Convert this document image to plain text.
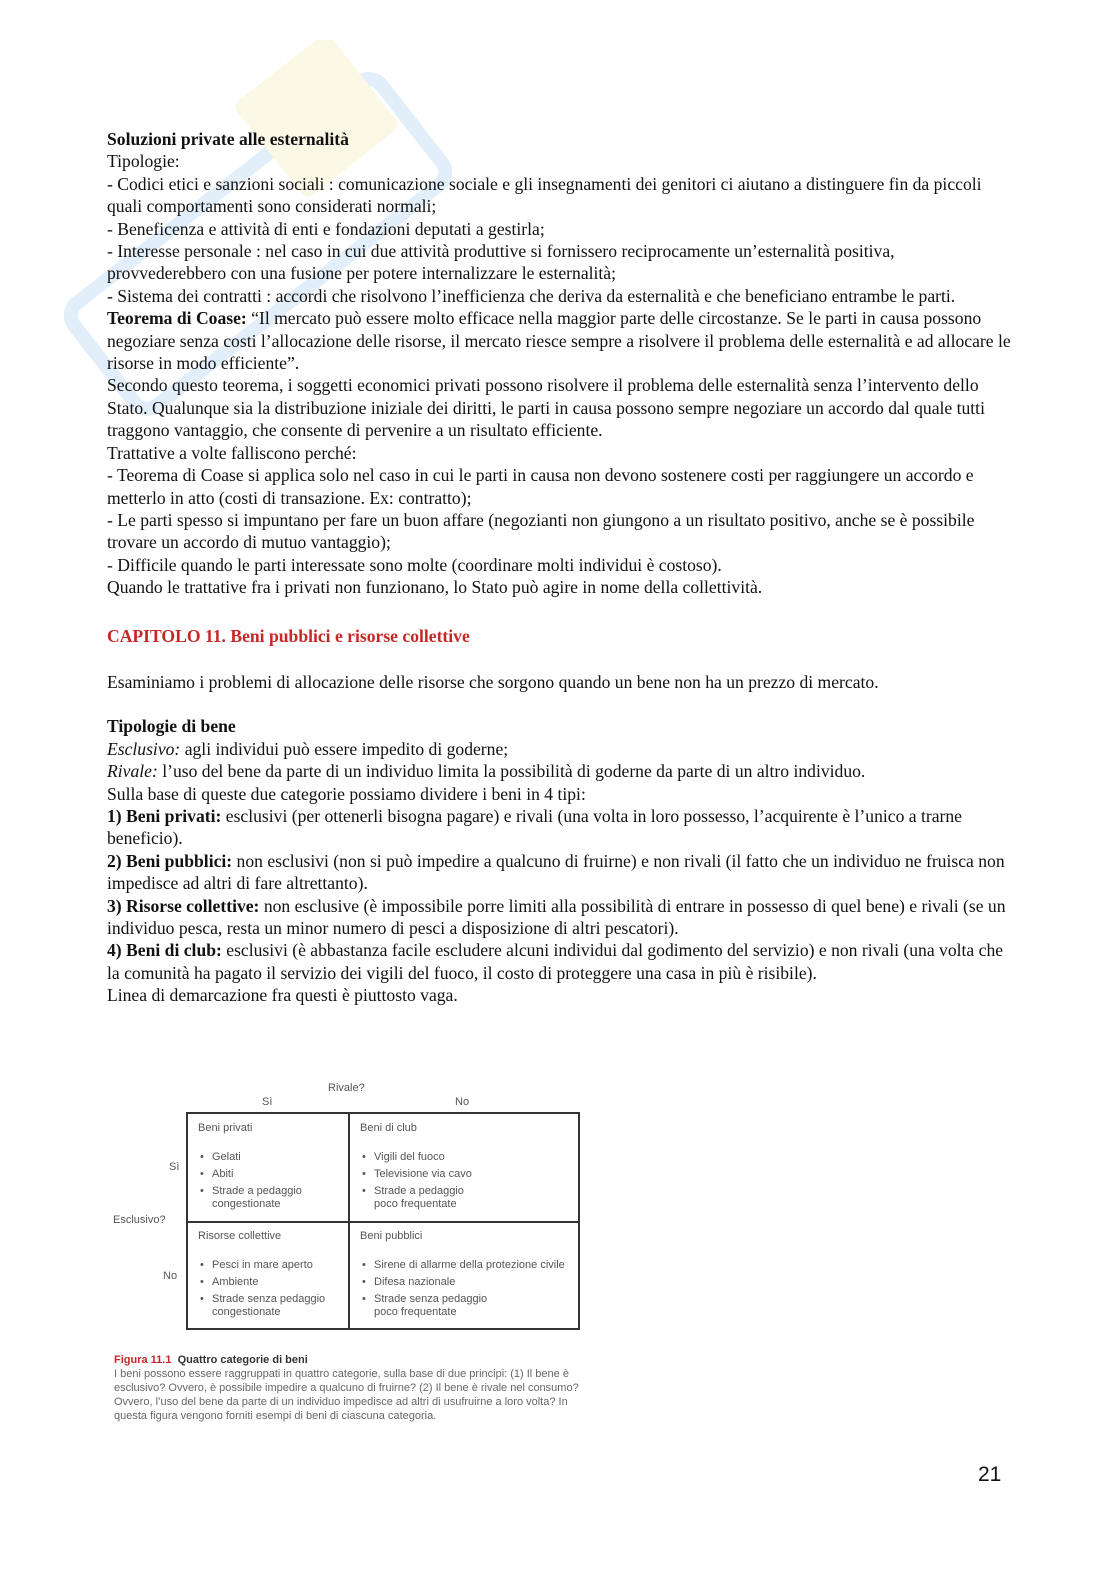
Soluzioni private alle esternalità

Tipologie:

- Codici etici e sanzioni sociali : comunicazione sociale e gli insegnamenti dei genitori ci aiutano a distinguere fin da piccoli quali comportamenti sono considerati normali;

- Beneficenza e attività di enti e fondazioni deputati a gestirla;

- Interesse personale : nel caso in cui due attività produttive si fornissero reciprocamente un’esternalità positiva, provvederebbero con una fusione per potere internalizzare le esternalità;

- Sistema dei contratti : accordi che risolvono l’inefficienza che deriva da esternalità e che beneficiano entrambe le parti.

Teorema di Coase: “Il mercato può essere molto efficace nella maggior parte delle circostanze. Se le parti in causa possono negoziare senza costi l’allocazione delle risorse, il mercato riesce sempre a risolvere il problema delle esternalità e ad allocare le risorse in modo efficiente”.

Secondo questo teorema, i soggetti economici privati possono risolvere il problema delle esternalità senza l’intervento dello Stato. Qualunque sia la distribuzione iniziale dei diritti, le parti in causa possono sempre negoziare un accordo dal quale tutti traggono vantaggio, che consente di pervenire a un risultato efficiente.

Trattative a volte falliscono perché:

- Teorema di Coase si applica solo nel caso in cui le parti in causa non devono sostenere costi per raggiungere un accordo e metterlo in atto (costi di transazione. Ex: contratto);

- Le parti spesso si impuntano per fare un buon affare (negozianti non giungono a un risultato positivo, anche se è possibile trovare un accordo di mutuo vantaggio);

- Difficile quando le parti interessate sono molte (coordinare molti individui è costoso).

Quando le trattative fra i privati non funzionano, lo Stato può agire in nome della collettività.

CAPITOLO 11. Beni pubblici e risorse collettive

Esaminiamo i problemi di allocazione delle risorse che sorgono quando un bene non ha un prezzo di mercato.

Tipologie di bene

Esclusivo: agli individui può essere impedito di goderne;

Rivale: l’uso del bene da parte di un individuo limita la possibilità di goderne da parte di un altro individuo.

Sulla base di queste due categorie possiamo dividere i beni in 4 tipi:

1) Beni privati: esclusivi (per ottenerli bisogna pagare) e rivali (una volta in loro possesso, l’acquirente è l’unico a trarne beneficio).

2) Beni pubblici: non esclusivi (non si può impedire a qualcuno di fruirne) e non rivali (il fatto che un individuo ne fruisca non impedisce ad altri di fare altrettanto).

3) Risorse collettive: non esclusive (è impossibile porre limiti alla possibilità di entrare in possesso di quel bene) e rivali (se un individuo pesca, resta un minor numero di pesci a disposizione di altri pescatori).

4) Beni di club: esclusivi (è abbastanza facile escludere alcuni individui dal godimento del servizio) e non rivali (una volta che la comunità ha pagato il servizio dei vigili del fuoco, il costo di proteggere una casa in più è risibile).

Linea di demarcazione fra questi è piuttosto vaga.

Rivale?
Sì	No
Esclusivo?
Sì
No
Beni privati
• Gelati
• Abiti
• Strade a pedaggio congestionate
Beni di club
• Vigili del fuoco
• Televisione via cavo
• Strade a pedaggio poco frequentate
Risorse collettive
• Pesci in mare aperto
• Ambiente
• Strade senza pedaggio congestionate
Beni pubblici
• Sirene di allarme della protezione civile
• Difesa nazionale
• Strade senza pedaggio poco frequentate
Figura 11.1 Quattro categorie di beni
I beni possono essere raggruppati in quattro categorie, sulla base di due principi: (1) Il bene è esclusivo? Ovvero, è possibile impedire a qualcuno di fruirne? (2) Il bene è rivale nel consumo? Ovvero, l’uso del bene da parte di un individuo impedisce ad altri di usufruirne a loro volta? In questa figura vengono forniti esempi di beni di ciascuna categoria.
21
